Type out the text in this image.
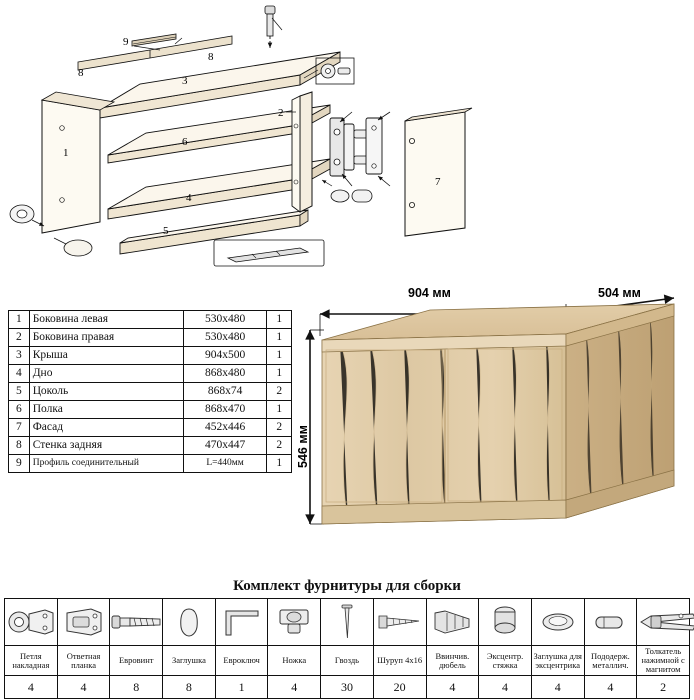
1
2
3
4
5
6
7
8
8
9
1	Боковина левая	530х480	1
2	Боковина правая	530х480	1
3	Крыша	904х500	1
4	Дно	868х480	1
5	Цоколь	868х74	2
6	Полка	868х470	1
7	Фасад	452х446	2
8	Стенка задняя	470х447	2
9	Профиль соединительный	L=440мм	1
904 мм	504 мм
546 мм
Комплект фурнитуры для сборки

Петля накладная	Ответная планка	Евровинт	Заглушка	Евроключ	Ножка	Гвоздь	Шуруп 4х16	Ввинчив. дюбель	Эксцентр. стяжка	Заглушка для эксцентрика	Пододерж. металлич.	Толкатель нажимной с магнитом
4	4	8	8	1	4	30	20	4	4	4	4	2
